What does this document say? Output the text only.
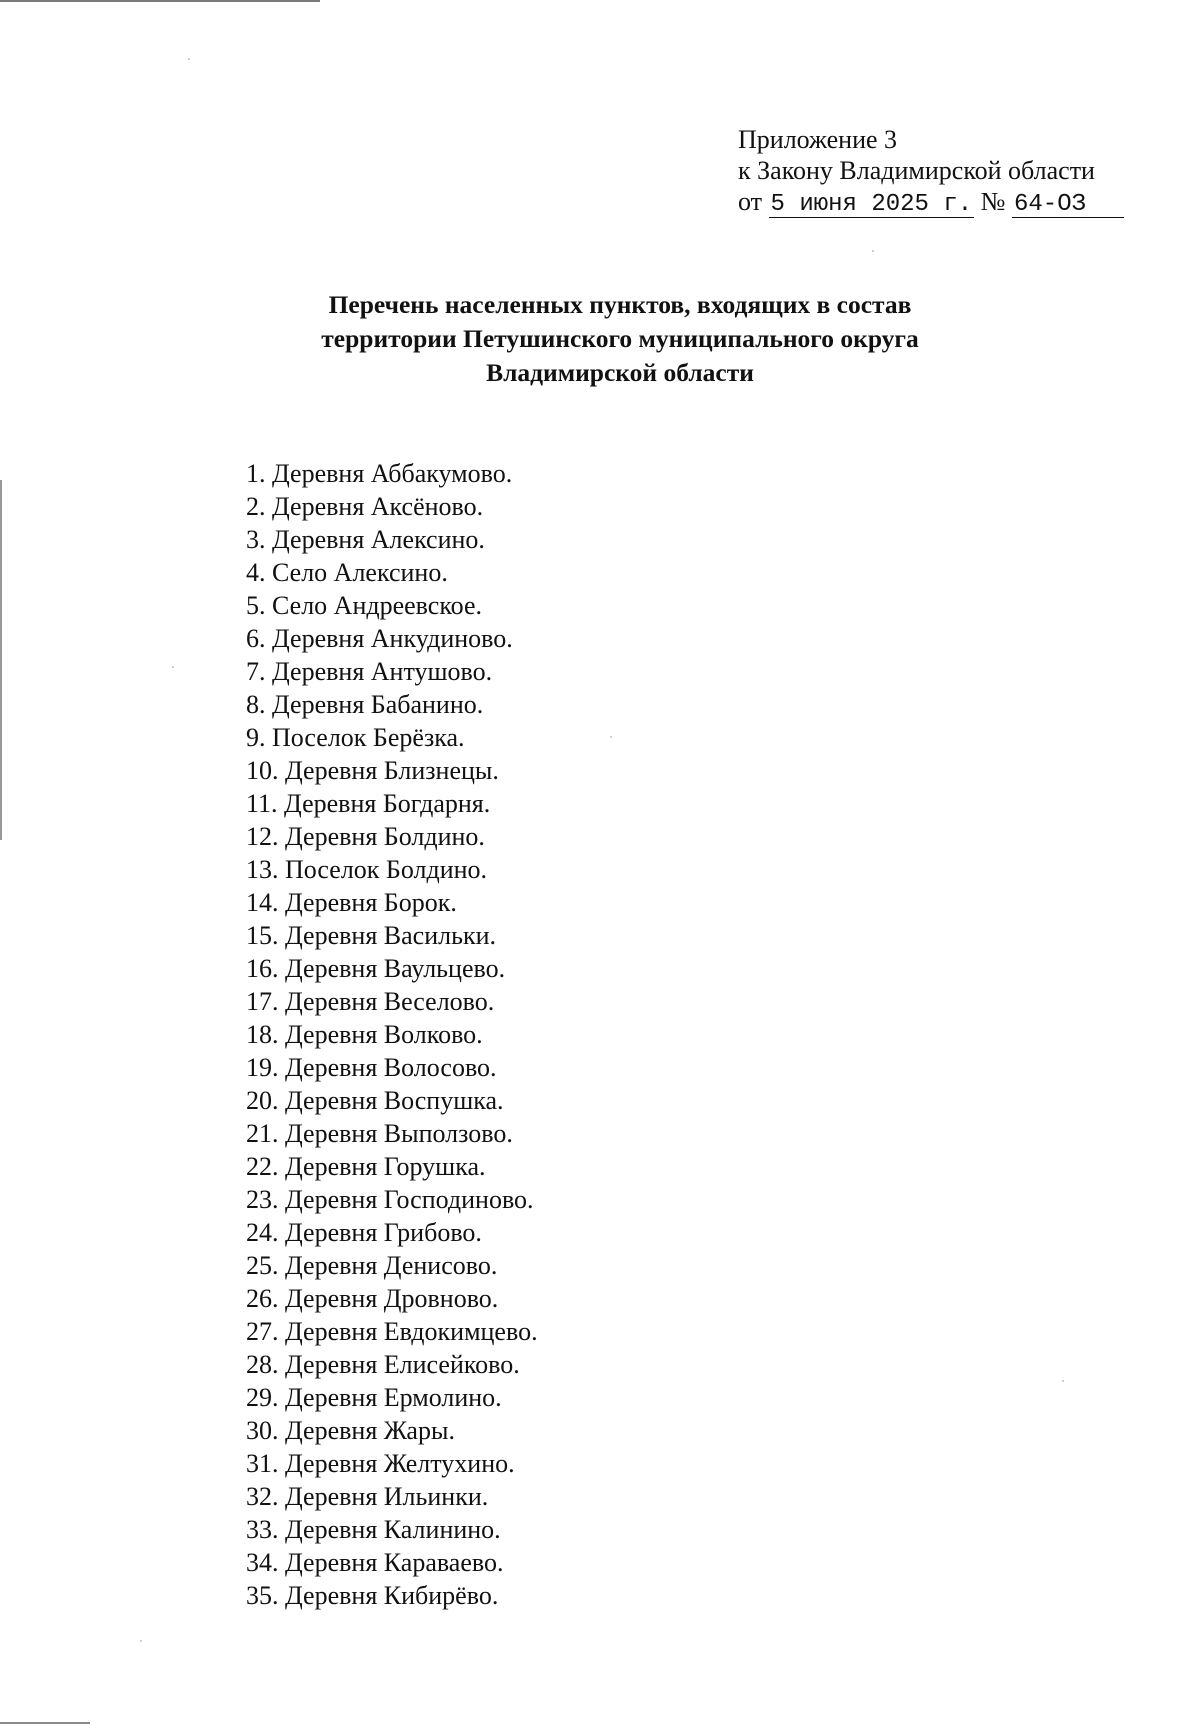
Приложение 3
к Закону Владимирской области
от 5 июня 2025 г. № 64-ОЗ
Перечень населенных пунктов, входящих в состав
территории Петушинского муниципального округа
Владимирской области
1. Деревня Аббакумово.
2. Деревня Аксёново.
3. Деревня Алексино.
4. Село Алексино.
5. Село Андреевское.
6. Деревня Анкудиново.
7. Деревня Антушово.
8. Деревня Бабанино.
9. Поселок Берёзка.
10. Деревня Близнецы.
11. Деревня Богдарня.
12. Деревня Болдино.
13. Поселок Болдино.
14. Деревня Борок.
15. Деревня Васильки.
16. Деревня Ваульцево.
17. Деревня Веселово.
18. Деревня Волково.
19. Деревня Волосово.
20. Деревня Воспушка.
21. Деревня Выползово.
22. Деревня Горушка.
23. Деревня Господиново.
24. Деревня Грибово.
25. Деревня Денисово.
26. Деревня Дровново.
27. Деревня Евдокимцево.
28. Деревня Елисейково.
29. Деревня Ермолино.
30. Деревня Жары.
31. Деревня Желтухино.
32. Деревня Ильинки.
33. Деревня Калинино.
34. Деревня Караваево.
35. Деревня Кибирёво.
